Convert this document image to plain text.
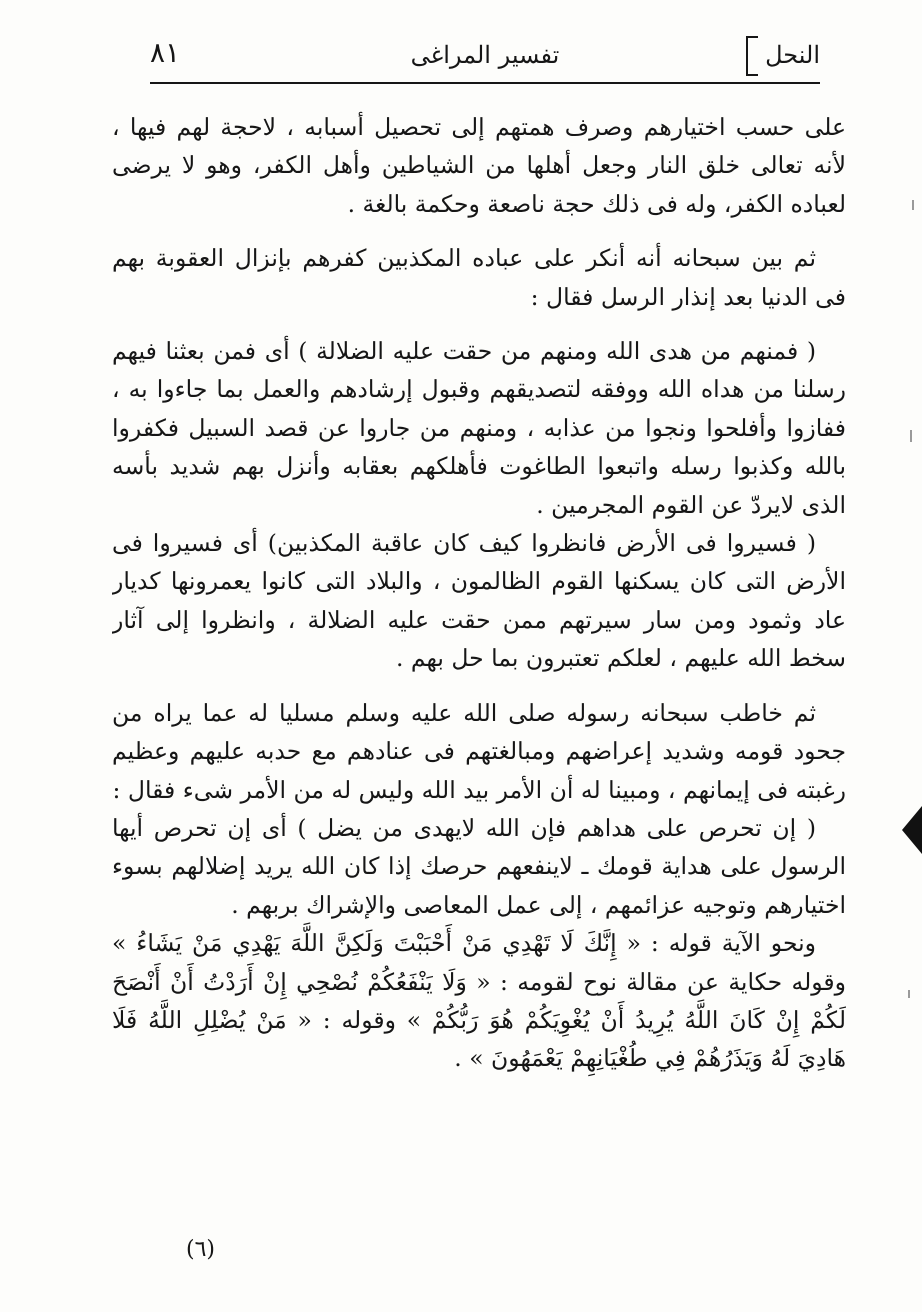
النحل
تفسير المراغى
٨١

على حسب اختيارهم وصرف همتهم إلى تحصيل أسبابه ، لاحجة لهم فيها ، لأنه تعالى خلق النار وجعل أهلها من الشياطين وأهل الكفر، وهو لا يرضى لعباده الكفر، وله فى ذلك حجة ناصعة وحكمة بالغة .

ثم بين سبحانه أنه أنكر على عباده المكذبين كفرهم بإنزال العقوبة بهم فى الدنيا بعد إنذار الرسل فقال :

( فمنهم من هدى الله ومنهم من حقت عليه الضلالة ) أى فمن بعثنا فيهم رسلنا من هداه الله ووفقه لتصديقهم وقبول إرشادهم والعمل بما جاءوا به ، ففازوا وأفلحوا ونجوا من عذابه ، ومنهم من جاروا عن قصد السبيل فكفروا بالله وكذبوا رسله واتبعوا الطاغوت فأهلكهم بعقابه وأنزل بهم شديد بأسه الذى لايردّ عن القوم المجرمين .

( فسيروا فى الأرض فانظروا كيف كان عاقبة المكذبين) أى فسيروا فى الأرض التى كان يسكنها القوم الظالمون ، والبلاد التى كانوا يعمرونها كديار عاد وثمود ومن سار سيرتهم ممن حقت عليه الضلالة ، وانظروا إلى آثار سخط الله عليهم ، لعلكم تعتبرون بما حل بهم .

ثم خاطب سبحانه رسوله صلى الله عليه وسلم مسليا له عما يراه من جحود قومه وشديد إعراضهم ومبالغتهم فى عنادهم مع حدبه عليهم وعظيم رغبته فى إيمانهم ، ومبينا له أن الأمر بيد الله وليس له من الأمر شىء فقال :

( إن تحرص على هداهم فإن الله لايهدى من يضل ) أى إن تحرص أيها الرسول على هداية قومك ـ لاينفعهم حرصك إذا كان الله يريد إضلالهم بسوء اختيارهم وتوجيه عزائمهم ، إلى عمل المعاصى والإشراك بربهم .

ونحو الآية قوله : « إِنَّكَ لَا تَهْدِي مَنْ أَحْبَبْتَ وَلَكِنَّ اللَّهَ يَهْدِي مَنْ يَشَاءُ » وقوله حكاية عن مقالة نوح لقومه : « وَلَا يَنْفَعُكُمْ نُصْحِي إِنْ أَرَدْتُ أَنْ أَنْصَحَ لَكُمْ إِنْ كَانَ اللَّهُ يُرِيدُ أَنْ يُغْوِيَكُمْ هُوَ رَبُّكُمْ » وقوله : « مَنْ يُضْلِلِ اللَّهُ فَلَا هَادِيَ لَهُ وَيَذَرُهُمْ فِي طُغْيَانِهِمْ يَعْمَهُونَ » .

(٦)
